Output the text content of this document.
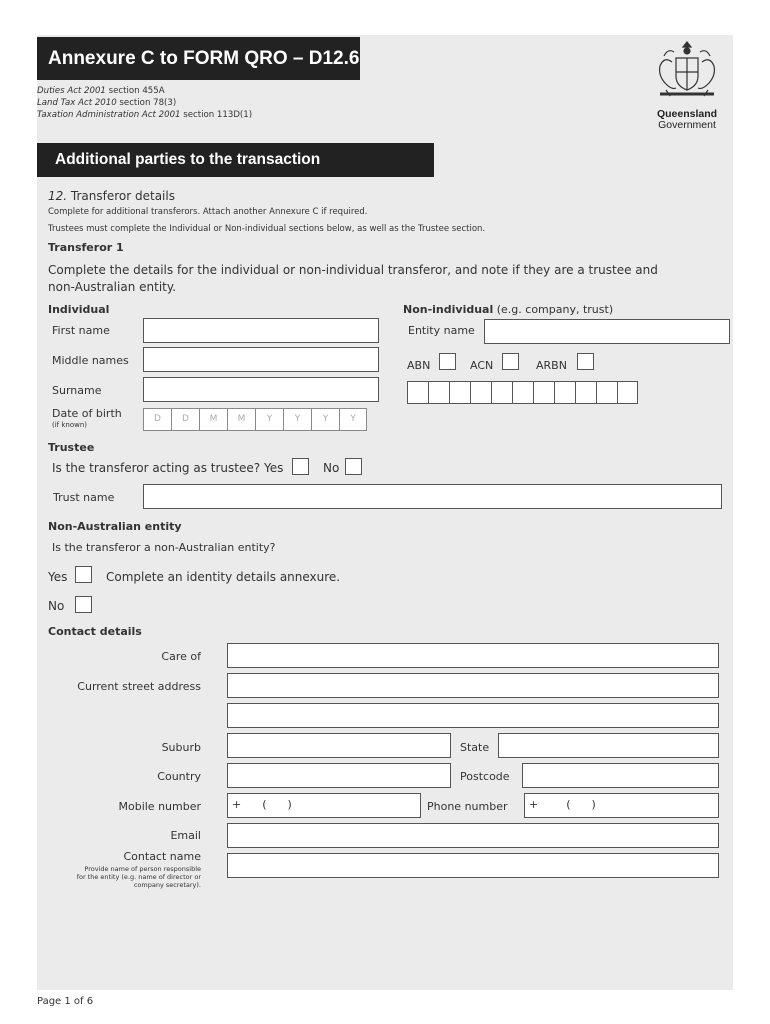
Annexure C to FORM QRO – D12.6
Duties Act 2001 section 455A
Land Tax Act 2010 section 78(3)
Taxation Administration Act 2001 section 113D(1)	Queensland
Government
Additional parties to the transaction
12. Transferor details
Complete for additional transferors. Attach another Annexure C if required.
Trustees must complete the Individual or Non-individual sections below, as well as the Trustee section.
Transferor 1
Complete the details for the individual or non-individual transferor, and note if they are a trustee and
non-Australian entity.
Individual
First name
Middle names
Surname
Date of birth
(if known)
D	D	M	M	Y	Y	Y	Y
Non-individual (e.g. company, trust)
Entity name
ABN	ACN	ARBN
Trustee
Is the transferor acting as trustee? Yes	No
Trust name
Non-Australian entity
Is the transferor a non-Australian entity?
Yes	Complete an identity details annexure.
No
Contact details
Care of
Current street address
Suburb	State
Country	Postcode
Mobile number	+      (      )	Phone number	+        (      )
Email
Contact name
Provide name of person responsible
for the entity (e.g. name of director or
company secretary).
Page 1 of 6
